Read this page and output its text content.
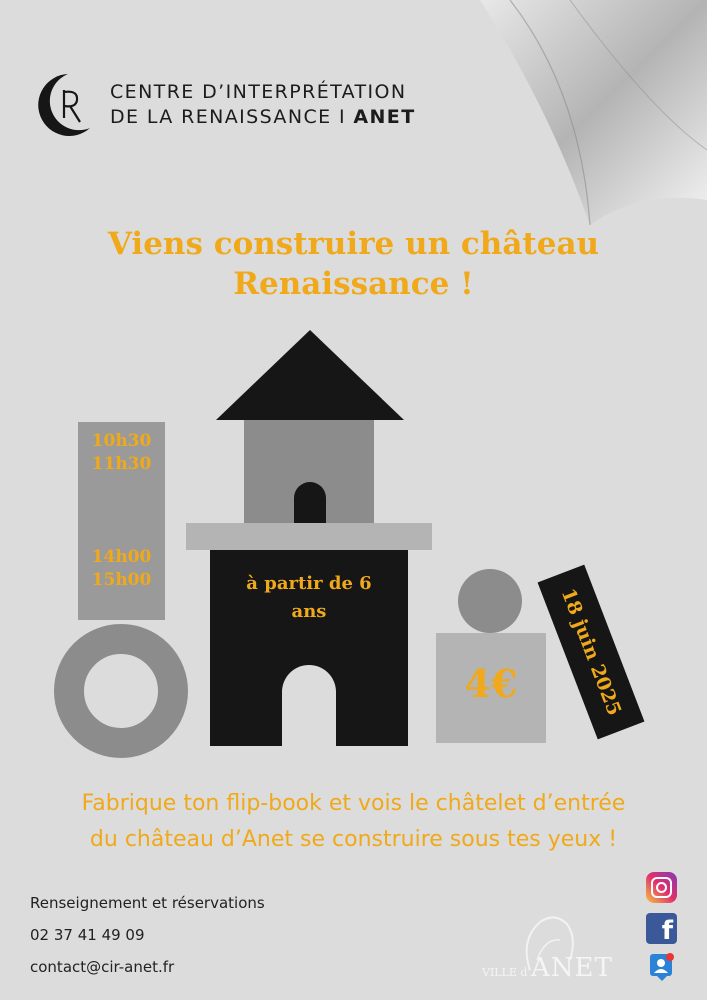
CENTRE D’INTERPRÉTATION
DE LA RENAISSANCE I ANET
Viens construire un château
Renaissance !
10h30
11h30
14h00
15h00	à partir de 6
ans
4€	18 juin 2025
Fabrique ton flip-book et vois le châtelet d’entrée
du château d’Anet se construire sous tes yeux !
Renseignement et réservations
02 37 41 49 09
contact@cir-anet.fr	VILLE d’ANET
f
